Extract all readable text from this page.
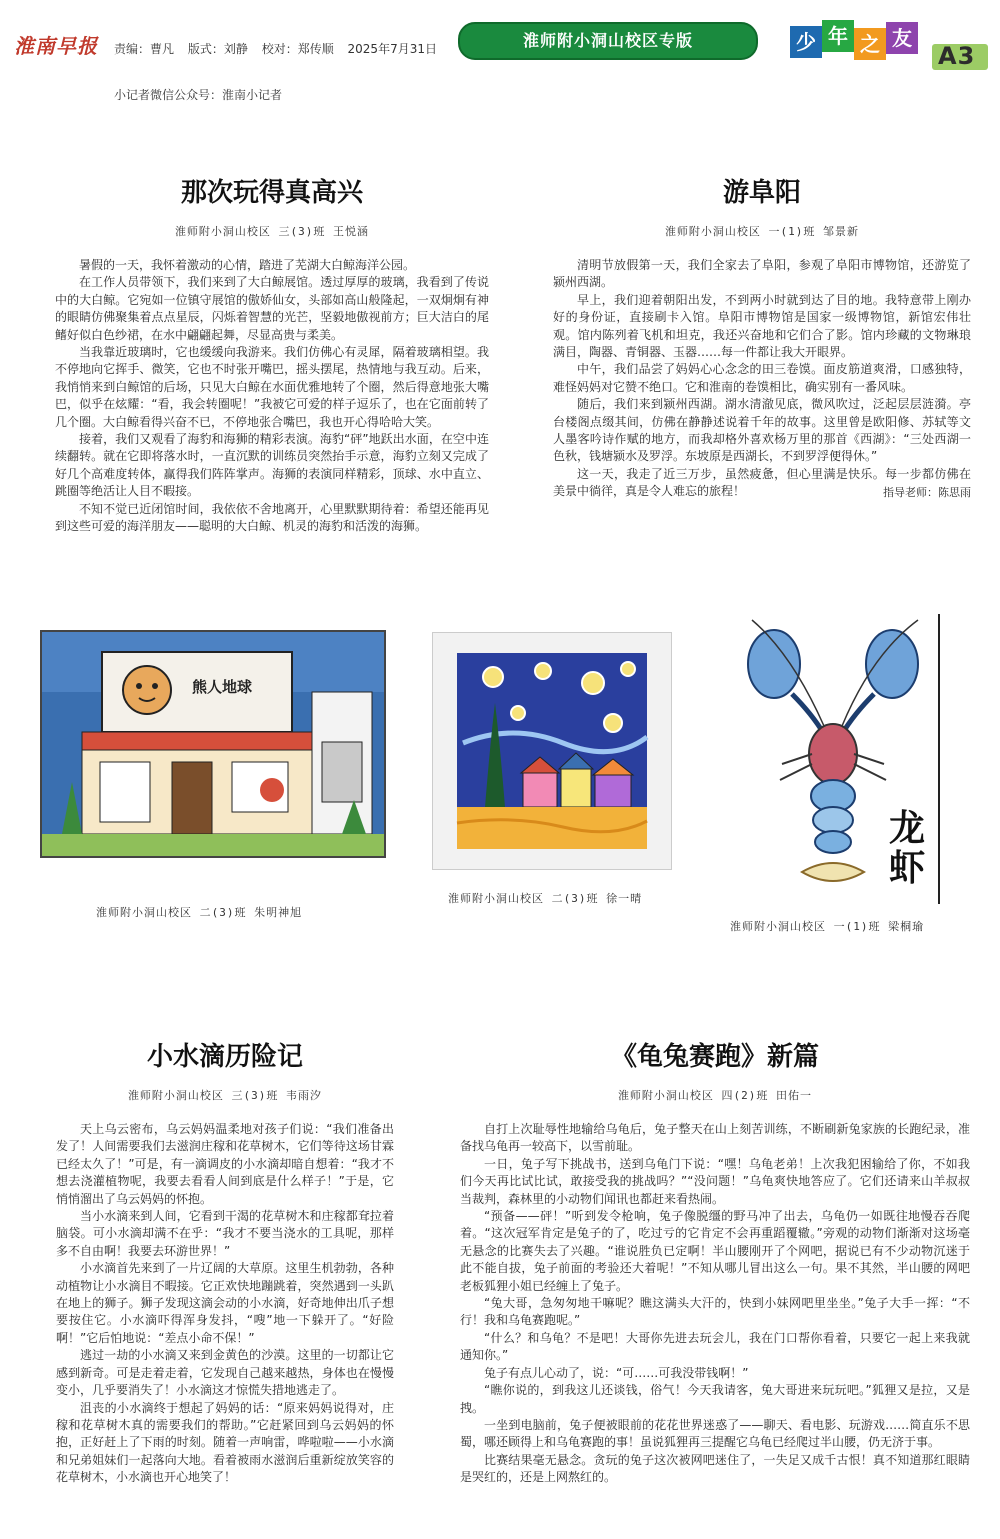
淮南早报	责编：曹凡 版式：刘静 校对：郑传顺 2025年7月31日	淮师附小洞山校区专版	少 年 之 友
A3
小记者微信公众号：淮南小记者
那次玩得真高兴
淮师附小洞山校区 三(3)班 王悦涵

暑假的一天，我怀着激动的心情，踏进了芜湖大白鲸海洋公园。

在工作人员带领下，我们来到了大白鲸展馆。透过厚厚的玻璃，我看到了传说中的大白鲸。它宛如一位镇守展馆的傲娇仙女，头部如高山般隆起，一双炯炯有神的眼睛仿佛聚集着点点星辰，闪烁着智慧的光芒，坚毅地傲视前方；巨大洁白的尾鳍好似白色纱裙，在水中翩翩起舞，尽显高贵与柔美。

当我靠近玻璃时，它也缓缓向我游来。我们仿佛心有灵犀，隔着玻璃相望。我不停地向它挥手、微笑，它也不时张开嘴巴，摇头摆尾，热情地与我互动。后来，我悄悄来到白鲸馆的后场，只见大白鲸在水面优雅地转了个圈，然后得意地张大嘴巴，似乎在炫耀：“看，我会转圈呢！”我被它可爱的样子逗乐了，也在它面前转了几个圈。大白鲸看得兴奋不已，不停地张合嘴巴，我也开心得哈哈大笑。

接着，我们又观看了海豹和海狮的精彩表演。海豹“砰”地跃出水面，在空中连续翻转。就在它即将落水时，一直沉默的训练员突然抬手示意，海豹立刻又完成了好几个高难度转体，赢得我们阵阵掌声。海狮的表演同样精彩，顶球、水中直立、跳圈等绝活让人目不暇接。

不知不觉已近闭馆时间，我依依不舍地离开，心里默默期待着：希望还能再见到这些可爱的海洋朋友——聪明的大白鲸、机灵的海豹和活泼的海狮。

游阜阳
淮师附小洞山校区 一(1)班 邹景新

清明节放假第一天，我们全家去了阜阳，参观了阜阳市博物馆，还游览了颍州西湖。

早上，我们迎着朝阳出发，不到两小时就到达了目的地。我特意带上刚办好的身份证，直接刷卡入馆。阜阳市博物馆是国家一级博物馆，新馆宏伟壮观。馆内陈列着飞机和坦克，我还兴奋地和它们合了影。馆内珍藏的文物琳琅满目，陶器、青铜器、玉器……每一件都让我大开眼界。

中午，我们品尝了妈妈心心念念的田三卷馍。面皮筋道爽滑，口感独特，难怪妈妈对它赞不绝口。它和淮南的卷馍相比，确实别有一番风味。

随后，我们来到颍州西湖。湖水清澈见底，微风吹过，泛起层层涟漪。亭台楼阁点缀其间，仿佛在静静述说着千年的故事。这里曾是欧阳修、苏轼等文人墨客吟诗作赋的地方，而我却格外喜欢杨万里的那首《西湖》：“三处西湖一色秋，钱塘颍水及罗浮。东坡原是西湖长，不到罗浮便得休。”

这一天，我走了近三万步，虽然疲惫，但心里满是快乐。每一步都仿佛在美景中徜徉，真是令人难忘的旅程！	指导老师：陈思雨
熊人地球
淮师附小洞山校区 二(3)班 朱明神旭
淮师附小洞山校区 二(3)班 徐一晴
龙虾
淮师附小洞山校区 一(1)班 梁桐瑜
小水滴历险记
淮师附小洞山校区 三(3)班 韦雨汐

天上乌云密布，乌云妈妈温柔地对孩子们说：“我们准备出发了！人间需要我们去滋润庄稼和花草树木，它们等待这场甘霖已经太久了！”可是，有一滴调皮的小水滴却暗自想着：“我才不想去浇灌植物呢，我要去看看人间到底是什么样子！”于是，它悄悄溜出了乌云妈妈的怀抱。

当小水滴来到人间，它看到干渴的花草树木和庄稼都耷拉着脑袋。可小水滴却满不在乎：“我才不要当浇水的工具呢，那样多不自由啊！我要去环游世界！”

小水滴首先来到了一片辽阔的大草原。这里生机勃勃，各种动植物让小水滴目不暇接。它正欢快地蹦跳着，突然遇到一头趴在地上的狮子。狮子发现这滴会动的小水滴，好奇地伸出爪子想要按住它。小水滴吓得浑身发抖，“嗖”地一下躲开了。“好险啊！”它后怕地说：“差点小命不保！”

逃过一劫的小水滴又来到金黄色的沙漠。这里的一切都让它感到新奇。可是走着走着，它发现自己越来越热，身体也在慢慢变小，几乎要消失了！小水滴这才惊慌失措地逃走了。

沮丧的小水滴终于想起了妈妈的话：“原来妈妈说得对，庄稼和花草树木真的需要我们的帮助。”它赶紧回到乌云妈妈的怀抱，正好赶上了下雨的时刻。随着一声响雷，哗啦啦——小水滴和兄弟姐妹们一起落向大地。看着被雨水滋润后重新绽放笑容的花草树木，小水滴也开心地笑了！

《龟兔赛跑》新篇
淮师附小洞山校区 四(2)班 田佑一

自打上次耻辱性地输给乌龟后，兔子整天在山上刻苦训练，不断刷新兔家族的长跑纪录，准备找乌龟再一较高下，以雪前耻。

一日，兔子写下挑战书，送到乌龟门下说：“嘿！乌龟老弟！上次我犯困输给了你，不如我们今天再比试比试，敢接受我的挑战吗？”“没问题！”乌龟爽快地答应了。它们还请来山羊叔叔当裁判，森林里的小动物们闻讯也都赶来看热闹。

“预备——砰！”听到发令枪响，兔子像脱缰的野马冲了出去，乌龟仍一如既往地慢吞吞爬着。“这次冠军肯定是兔子的了，吃过亏的它肯定不会再重蹈覆辙。”旁观的动物们渐渐对这场毫无悬念的比赛失去了兴趣。“谁说胜负已定啊！半山腰刚开了个网吧，据说已有不少动物沉迷于此不能自拔，兔子前面的考验还大着呢！”不知从哪儿冒出这么一句。果不其然，半山腰的网吧老板狐狸小姐已经缠上了兔子。

“兔大哥，急匆匆地干嘛呢？瞧这满头大汗的，快到小妹网吧里坐坐。”兔子大手一挥：“不行！我和乌龟赛跑呢。”

“什么？和乌龟？不是吧！大哥你先进去玩会儿，我在门口帮你看着，只要它一起上来我就通知你。”

兔子有点儿心动了，说：“可……可我没带钱啊！”

“瞧你说的，到我这儿还谈钱，俗气！今天我请客，兔大哥进来玩玩吧。”狐狸又是拉，又是拽。

一坐到电脑前，兔子便被眼前的花花世界迷惑了——聊天、看电影、玩游戏……简直乐不思蜀，哪还顾得上和乌龟赛跑的事！虽说狐狸再三提醒它乌龟已经爬过半山腰，仍无济于事。

比赛结果毫无悬念。贪玩的兔子这次被网吧迷住了，一失足又成千古恨！真不知道那红眼睛是哭红的，还是上网熬红的。
